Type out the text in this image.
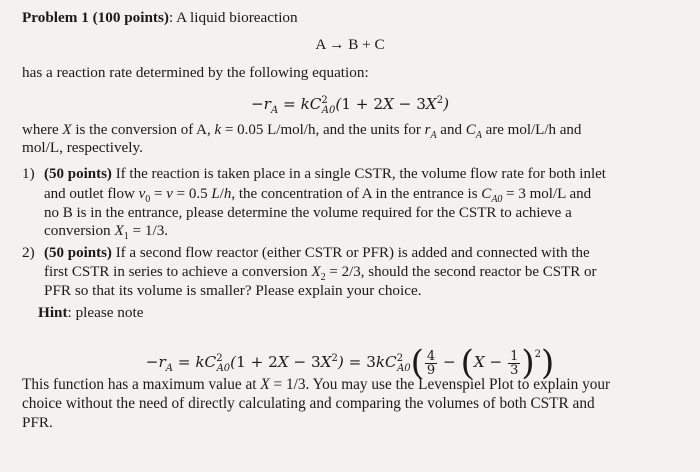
Problem 1 (100 points): A liquid bioreaction
A → B + C
has a reaction rate determined by the following equation:
$-r_A = kC^2_{A0}(1 + 2X - 3X^2)$
where X is the conversion of A, k = 0.05 L/mol/h, and the units for $r_A$ and $C_A$ are mol/L/h and
mol/L, respectively.
1) (50 points) If the reaction is taken place in a single CSTR, the volume flow rate for both inlet
and outlet flow $v_0 = v = 0.5$ L/h, the concentration of A in the entrance is $C_{A0} = 3$ mol/L and
no B is in the entrance, please determine the volume required for the CSTR to achieve a
conversion $X_1 = 1/3$.
2) (50 points) If a second flow reactor (either CSTR or PFR) is added and connected with the
first CSTR in series to achieve a conversion $X_2 = 2/3$, should the second reactor be CSTR or
PFR so that its volume is smaller? Please explain your choice.
Hint: please note
$-r_A = kC^2_{A0}(1 + 2X - 3X^2) = 3kC^2_{A0}( \frac{4}{9} - (X - \frac{1}{3} )^2)$
This function has a maximum value at X = 1/3. You may use the Levenspiel Plot to explain your
choice without the need of directly calculating and comparing the volumes of both CSTR and
PFR.
